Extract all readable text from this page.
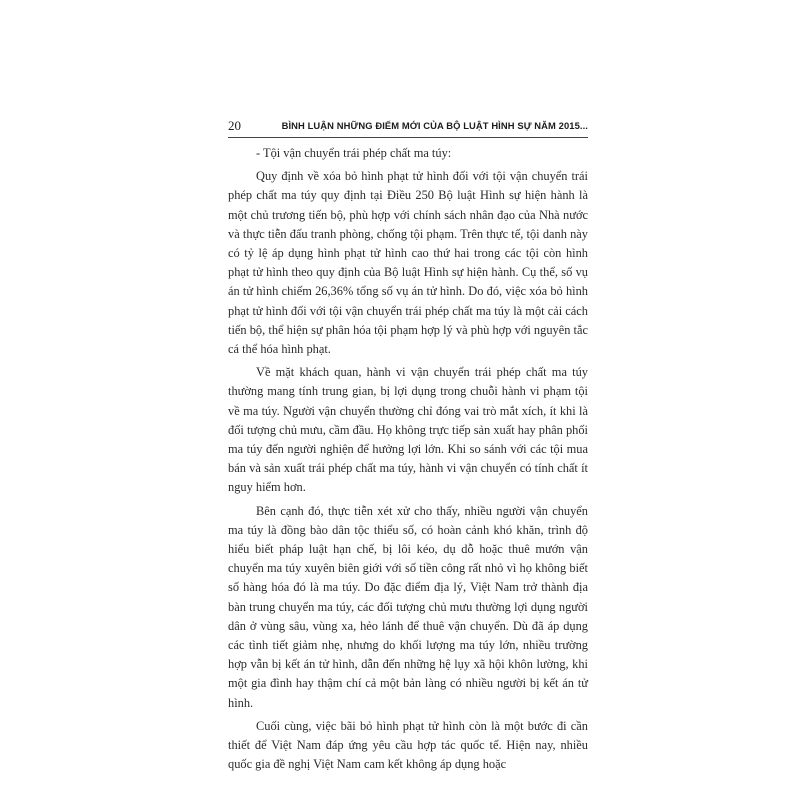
20	BÌNH LUẬN NHỮNG ĐIỂM MỚI CỦA BỘ LUẬT HÌNH SỰ NĂM 2015...

- Tội vận chuyển trái phép chất ma túy:

Quy định về xóa bỏ hình phạt tử hình đối với tội vận chuyển trái phép chất ma túy quy định tại Điều 250 Bộ luật Hình sự hiện hành là một chủ trương tiến bộ, phù hợp với chính sách nhân đạo của Nhà nước và thực tiễn đấu tranh phòng, chống tội phạm. Trên thực tế, tội danh này có tỷ lệ áp dụng hình phạt tử hình cao thứ hai trong các tội còn hình phạt tử hình theo quy định của Bộ luật Hình sự hiện hành. Cụ thể, số vụ án tử hình chiếm 26,36% tổng số vụ án tử hình. Do đó, việc xóa bỏ hình phạt tử hình đối với tội vận chuyển trái phép chất ma túy là một cải cách tiến bộ, thể hiện sự phân hóa tội phạm hợp lý và phù hợp với nguyên tắc cá thể hóa hình phạt.

Về mặt khách quan, hành vi vận chuyển trái phép chất ma túy thường mang tính trung gian, bị lợi dụng trong chuỗi hành vi phạm tội về ma túy. Người vận chuyển thường chỉ đóng vai trò mắt xích, ít khi là đối tượng chủ mưu, cầm đầu. Họ không trực tiếp sản xuất hay phân phối ma túy đến người nghiện để hưởng lợi lớn. Khi so sánh với các tội mua bán và sản xuất trái phép chất ma túy, hành vi vận chuyển có tính chất ít nguy hiểm hơn.

Bên cạnh đó, thực tiễn xét xử cho thấy, nhiều người vận chuyển ma túy là đồng bào dân tộc thiểu số, có hoàn cảnh khó khăn, trình độ hiểu biết pháp luật hạn chế, bị lôi kéo, dụ dỗ hoặc thuê mướn vận chuyển ma túy xuyên biên giới với số tiền công rất nhỏ vì họ không biết số hàng hóa đó là ma túy. Do đặc điểm địa lý, Việt Nam trở thành địa bàn trung chuyển ma túy, các đối tượng chủ mưu thường lợi dụng người dân ở vùng sâu, vùng xa, hẻo lánh để thuê vận chuyển. Dù đã áp dụng các tình tiết giảm nhẹ, nhưng do khối lượng ma túy lớn, nhiều trường hợp vẫn bị kết án tử hình, dẫn đến những hệ lụy xã hội khôn lường, khi một gia đình hay thậm chí cả một bản làng có nhiều người bị kết án tử hình.

Cuối cùng, việc bãi bỏ hình phạt tử hình còn là một bước đi cần thiết để Việt Nam đáp ứng yêu cầu hợp tác quốc tế. Hiện nay, nhiều quốc gia đề nghị Việt Nam cam kết không áp dụng hoặc
